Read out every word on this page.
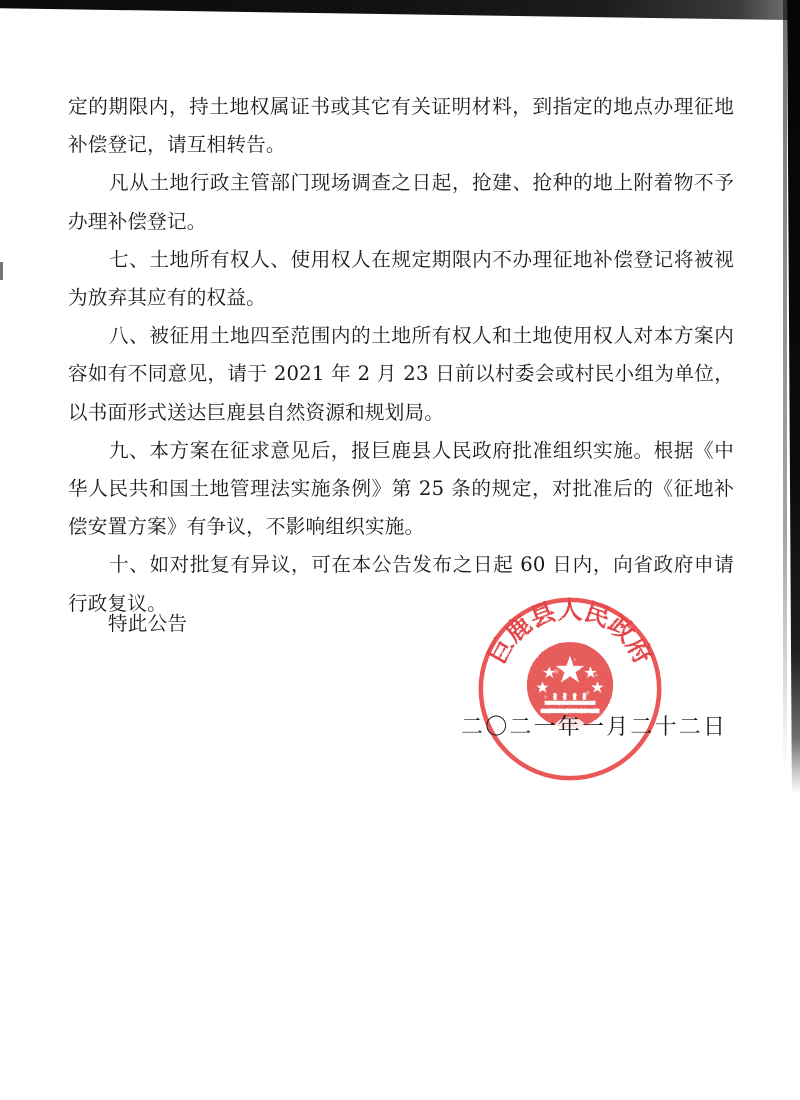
定的期限内，持土地权属证书或其它有关证明材料，到指定的地点办理征地补偿登记，请互相转告。

凡从土地行政主管部门现场调查之日起，抢建、抢种的地上附着物不予办理补偿登记。

七、土地所有权人、使用权人在规定期限内不办理征地补偿登记将被视为放弃其应有的权益。

八、被征用土地四至范围内的土地所有权人和土地使用权人对本方案内容如有不同意见，请于 2021 年 2 月 23 日前以村委会或村民小组为单位，以书面形式送达巨鹿县自然资源和规划局。

九、本方案在征求意见后，报巨鹿县人民政府批准组织实施。根据《中华人民共和国土地管理法实施条例》第 25 条的规定，对批准后的《征地补偿安置方案》有争议，不影响组织实施。

十、如对批复有异议，可在本公告发布之日起 60 日内，向省政府申请行政复议。

特此公告
巨鹿县人民政府
二〇二一年一月二十二日
